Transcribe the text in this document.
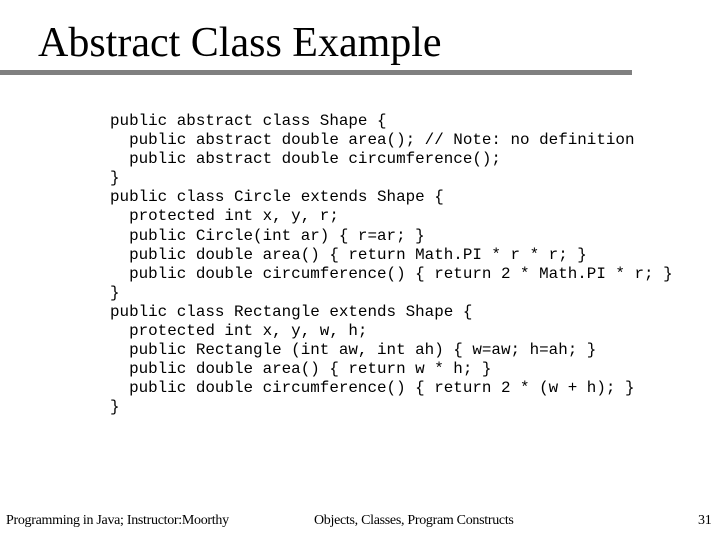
Abstract Class Example
public abstract class Shape {
public abstract double area(); // Note: no definition
public abstract double circumference();
}
public class Circle extends Shape {
protected int x, y, r;
public Circle(int ar) { r=ar; }
public double area() { return Math.PI * r * r; }
public double circumference() { return 2 * Math.PI * r; }
}
public class Rectangle extends Shape {
protected int x, y, w, h;
public Rectangle (int aw, int ah) { w=aw; h=ah; }
public double area() { return w * h; }
public double circumference() { return 2 * (w + h); }
}
Programming in Java; Instructor:Moorthy	Objects, Classes, Program Constructs	31
